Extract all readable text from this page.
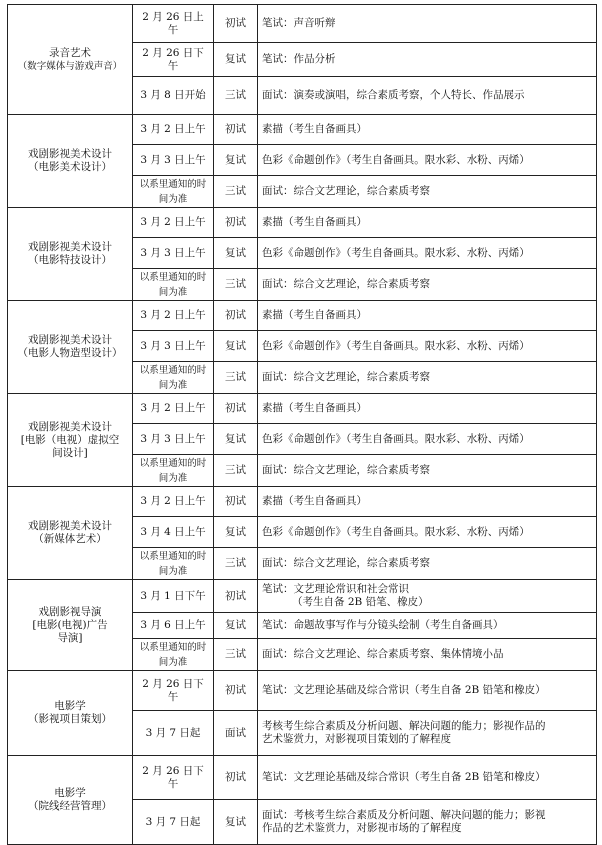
录音艺术
（数字媒体与游戏声音）	2 月 26 日上午	初试	笔试：声音听辩

	2 月 26 日下午	复试	笔试：作品分析

	3 月 8 日开始	三试	面试：演奏或演唱，综合素质考察，个人特长、作品展示

戏剧影视美术设计
（电影美术设计）	3 月 2 日上午	初试	素描（考生自备画具）

	3 月 3 日上午	复试	色彩《命题创作》（考生自备画具。限水彩、水粉、丙烯）

	以系里通知的时间为准	三试	面试：综合文艺理论，综合素质考察

戏剧影视美术设计
（电影特技设计）	3 月 2 日上午	初试	素描（考生自备画具）

	3 月 3 日上午	复试	色彩《命题创作》（考生自备画具。限水彩、水粉、丙烯）

	以系里通知的时间为准	三试	面试：综合文艺理论，综合素质考察

戏剧影视美术设计
（电影人物造型设计）	3 月 2 日上午	初试	素描（考生自备画具）

	3 月 3 日上午	复试	色彩《命题创作》（考生自备画具。限水彩、水粉、丙烯）

	以系里通知的时间为准	三试	面试：综合文艺理论，综合素质考察

戏剧影视美术设计
[电影（电视）虚拟空
间设计]	3 月 2 日上午	初试	素描（考生自备画具）

	3 月 3 日上午	复试	色彩《命题创作》（考生自备画具。限水彩、水粉、丙烯）

	以系里通知的时间为准	三试	面试：综合文艺理论，综合素质考察

戏剧影视美术设计
（新媒体艺术）	3 月 2 日上午	初试	素描（考生自备画具）

	3 月 4 日上午	复试	色彩《命题创作》（考生自备画具。限水彩、水粉、丙烯）

	以系里通知的时间为准	三试	面试：综合文艺理论，综合素质考察

戏剧影视导演
[电影(电视)广告
导演]	3 月 1 日下午	初试	笔试：文艺理论常识和社会常识
（考生自备 2B 铅笔、橡皮）

	3 月 6 日上午	复试	笔试：命题故事写作与分镜头绘制（考生自备画具）

	以系里通知的时间为准	三试	面试：综合文艺理论、综合素质考察、集体情境小品

电影学
（影视项目策划）	2 月 26 日下午	初试	笔试：文艺理论基础及综合常识（考生自备 2B 铅笔和橡皮）

	3 月 7 日起	面试	考核考生综合素质及分析问题、解决问题的能力；影视作品的
艺术鉴赏力，对影视项目策划的了解程度

电影学
（院线经营管理）	2 月 26 日下午	初试	笔试：文艺理论基础及综合常识（考生自备 2B 铅笔和橡皮）

	3 月 7 日起	复试	面试：考核考生综合素质及分析问题、解决问题的能力；影视
作品的艺术鉴赏力，对影视市场的了解程度
